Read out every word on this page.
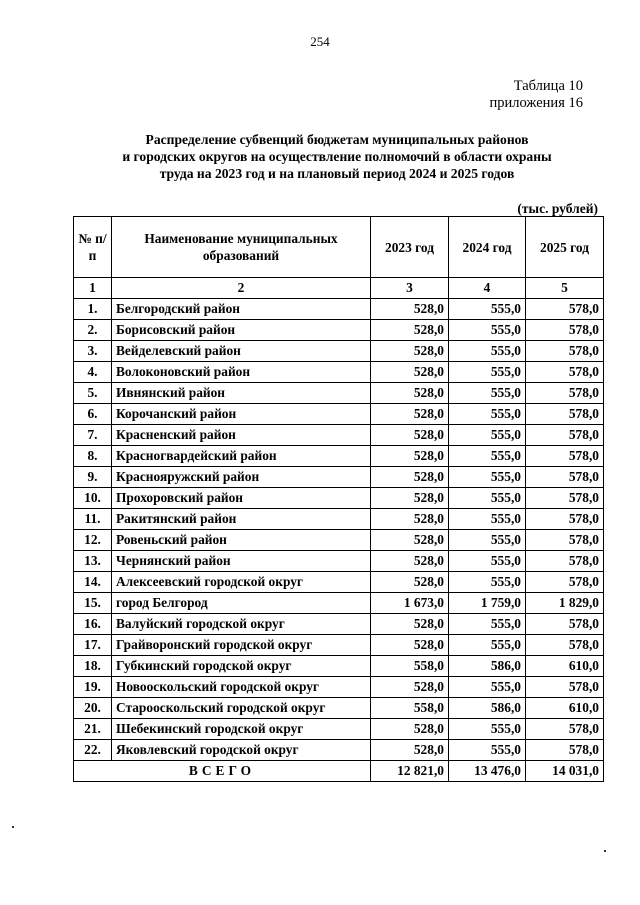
254
Таблица 10
приложения 16
Распределение субвенций бюджетам муниципальных районов
и городских округов на осуществление полномочий в области охраны
труда на 2023 год и на плановый период 2024 и 2025 годов
(тыс. рублей)
№ п/п	Наименование муниципальных образований	2023 год	2024 год	2025 год
1	2	3	4	5
1.	Белгородский район	528,0	555,0	578,0
2.	Борисовский район	528,0	555,0	578,0
3.	Вейделевский район	528,0	555,0	578,0
4.	Волоконовский район	528,0	555,0	578,0
5.	Ивнянский район	528,0	555,0	578,0
6.	Корочанский район	528,0	555,0	578,0
7.	Красненский район	528,0	555,0	578,0
8.	Красногвардейский район	528,0	555,0	578,0
9.	Краснояружский район	528,0	555,0	578,0
10.	Прохоровский район	528,0	555,0	578,0
11.	Ракитянский район	528,0	555,0	578,0
12.	Ровеньский район	528,0	555,0	578,0
13.	Чернянский район	528,0	555,0	578,0
14.	Алексеевский городской округ	528,0	555,0	578,0
15.	город Белгород	1 673,0	1 759,0	1 829,0
16.	Валуйский городской округ	528,0	555,0	578,0
17.	Грайворонский городской округ	528,0	555,0	578,0
18.	Губкинский городской округ	558,0	586,0	610,0
19.	Новооскольский городской округ	528,0	555,0	578,0
20.	Старооскольский городской округ	558,0	586,0	610,0
21.	Шебекинский городской округ	528,0	555,0	578,0
22.	Яковлевский городской округ	528,0	555,0	578,0
ВСЕГО		12 821,0	13 476,0	14 031,0
